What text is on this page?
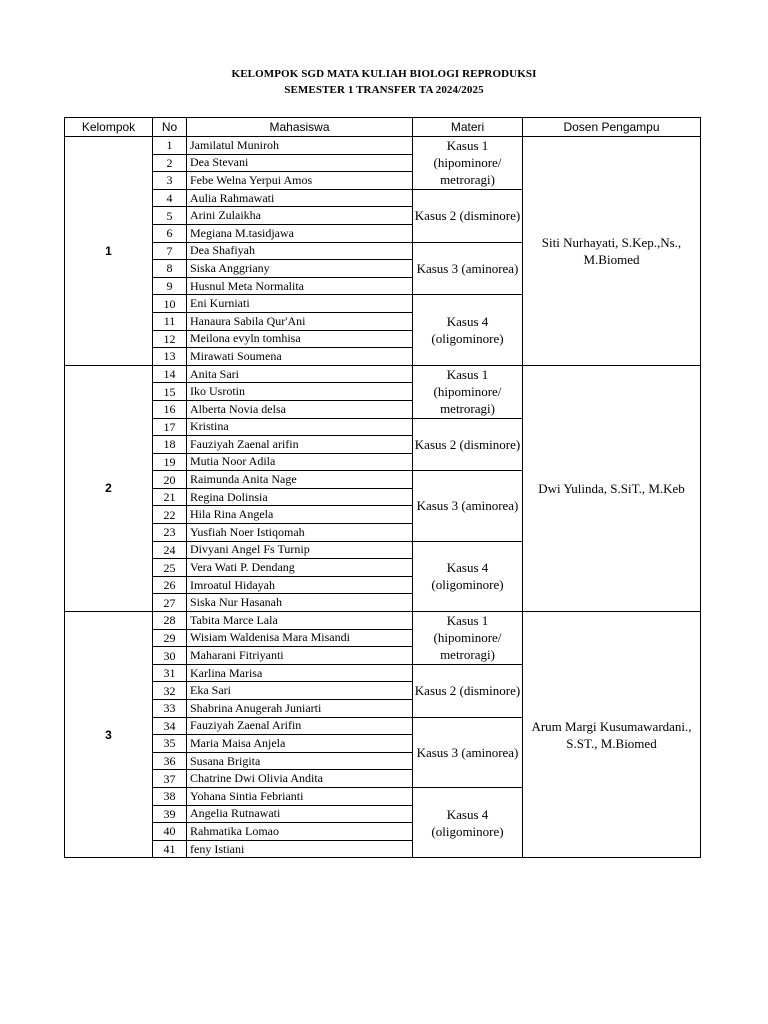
KELOMPOK SGD MATA KULIAH BIOLOGI REPRODUKSI
SEMESTER 1 TRANSFER TA 2024/2025
Kelompok	No	Mahasiswa	Materi	Dosen Pengampu
1	1	Jamilatul Muniroh	Kasus 1 (hipominore/ metroragi)	Siti Nurhayati, S.Kep.,Ns., M.Biomed
	2	Dea Stevani		
	3	Febe Welna Yerpui Amos		
	4	Aulia Rahmawati	Kasus 2 (disminore)	
	5	Arini Zulaikha		
	6	Megiana M.tasidjawa		
	7	Dea Shafiyah	Kasus 3 (aminorea)	
	8	Siska Anggriany		
	9	Husnul Meta Normalita		
	10	Eni Kurniati	Kasus 4 (oligominore)	
	11	Hanaura Sabila Qur'Ani		
	12	Meilona evyln tomhisa		
	13	Mirawati Soumena		
2	14	Anita Sari	Kasus 1 (hipominore/ metroragi)	Dwi Yulinda, S.SiT., M.Keb
	15	Iko Usrotin		
	16	Alberta Novia delsa		
	17	Kristina	Kasus 2 (disminore)	
	18	Fauziyah Zaenal arifin		
	19	Mutia Noor Adila		
	20	Raimunda Anita Nage	Kasus 3 (aminorea)	
	21	Regina Dolinsia		
	22	Hila Rina Angela		
	23	Yusfiah Noer Istiqomah		
	24	Divyani Angel Fs Turnip	Kasus 4 (oligominore)	
	25	Vera Wati P. Dendang		
	26	Imroatul Hidayah		
	27	Siska Nur Hasanah		
3	28	Tabita Marce Lala	Kasus 1 (hipominore/ metroragi)	Arum Margi Kusumawardani., S.ST., M.Biomed
	29	Wisiam Waldenisa Mara Misandi		
	30	Maharani Fitriyanti		
	31	Karlina Marisa	Kasus 2 (disminore)	
	32	Eka Sari		
	33	Shabrina Anugerah Juniarti		
	34	Fauziyah Zaenal Arifin	Kasus 3 (aminorea)	
	35	Maria Maisa Anjela		
	36	Susana Brigita		
	37	Chatrine Dwi Olivia Andita		
	38	Yohana Sintia Febrianti	Kasus 4 (oligominore)	
	39	Angelia Rutnawati		
	40	Rahmatika Lomao		
	41	feny Istiani		
